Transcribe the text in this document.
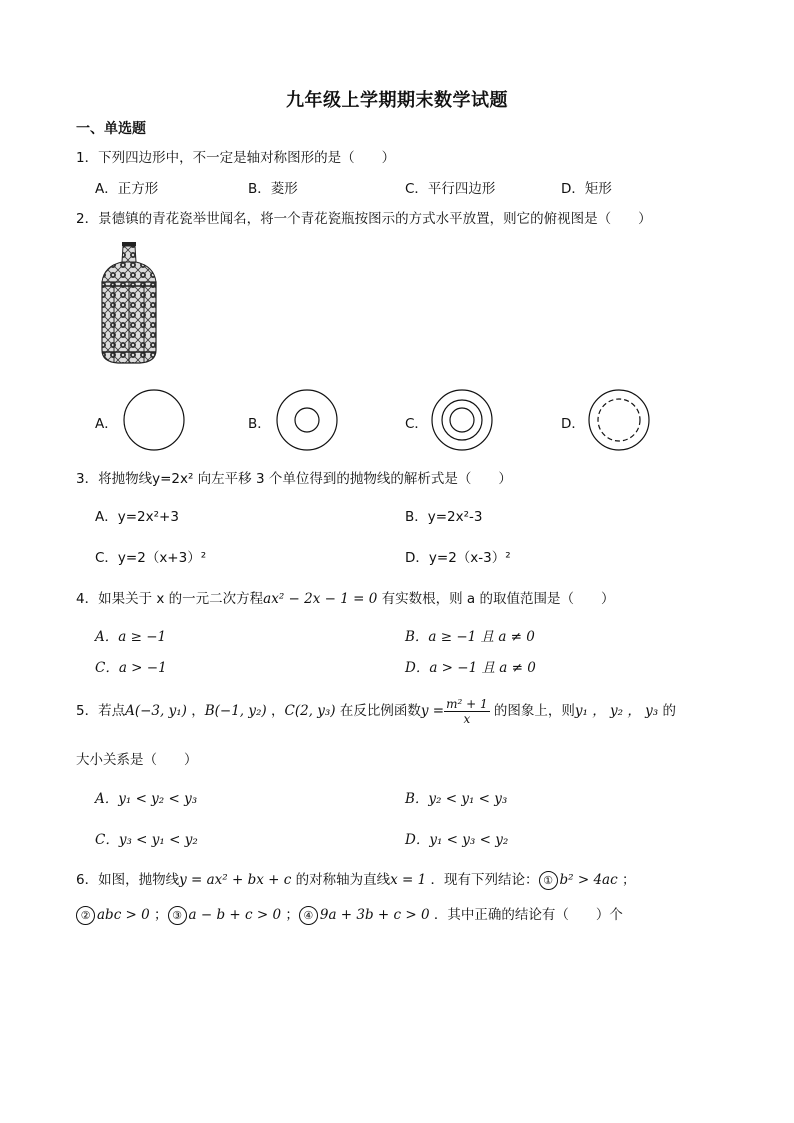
九年级上学期期末数学试题
一、单选题
1．下列四边形中，不一定是轴对称图形的是（　　）
A．正方形	B．菱形	C．平行四边形	D．矩形
2．景德镇的青花瓷举世闻名，将一个青花瓷瓶按图示的方式水平放置，则它的俯视图是（　　）
A．	B．	C．	D．
3．将抛物线y=2x² 向左平移 3 个单位得到的抛物线的解析式是（　　）
A．y=2x²+3	B．y=2x²-3
C．y=2（x+3）²	D．y=2（x-3）²
4．如果关于 x 的一元二次方程ax² − 2x − 1 = 0 有实数根，则 a 的取值范围是（　　）
A．a ≥ −1	B．a ≥ −1 且 a ≠ 0
C．a > −1	D．a > −1 且 a ≠ 0
5．若点A(−3, y₁) ，B(−1, y₂) ，C(2, y₃) 在反比例函数$y = \frac{\text{m² + 1}}{x}$ 的图象上，则y₁ ， y₂ ， y₃ 的
大小关系是（　　）
A．y₁ < y₂ < y₃	B．y₂ < y₁ < y₃
C．y₃ < y₁ < y₂	D．y₁ < y₃ < y₂
6．如图，抛物线y = ax² + bx + c 的对称轴为直线x = 1 ．现有下列结论： ① b² > 4ac ；
② abc > 0 ； ③ a − b + c > 0 ； ④ 9a + 3b + c > 0 ．其中正确的结论有（　　）个
